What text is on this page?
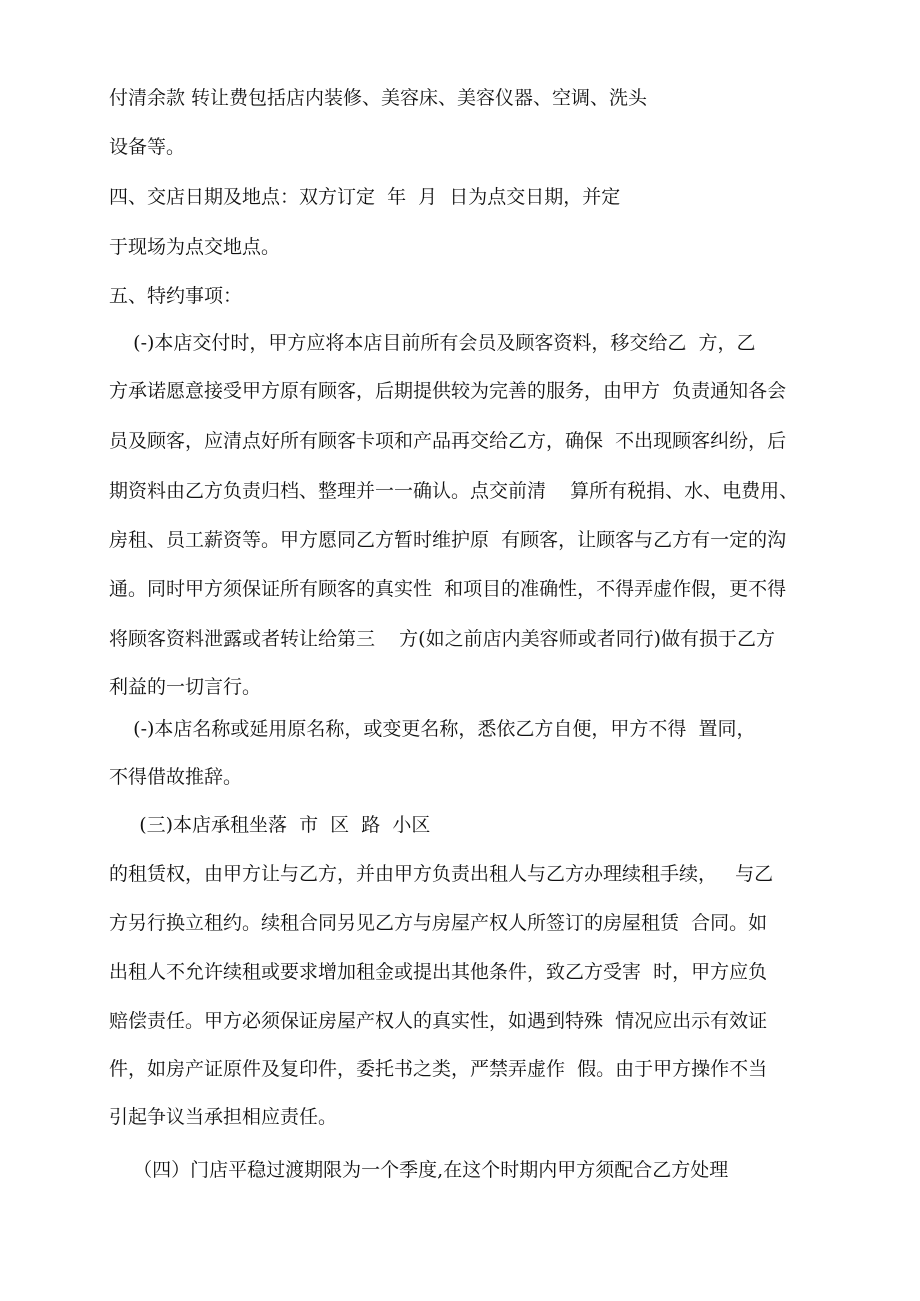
付清余款 转让费包括店内装修、美容床、美容仪器、空调、洗头
设备等。
四、交店日期及地点：双方订定  年  月  日为点交日期，并定
于现场为点交地点。
五、特约事项：
(-)本店交付时，甲方应将本店目前所有会员及顾客资料，移交给乙  方，乙
方承诺愿意接受甲方原有顾客，后期提供较为完善的服务，由甲方  负责通知各会
员及顾客，应清点好所有顾客卡项和产品再交给乙方，确保  不出现顾客纠纷，后
期资料由乙方负责归档、整理并一一确认。点交前清    算所有税捐、水、电费用、
房租、员工薪资等。甲方愿同乙方暂时维护原  有顾客，让顾客与乙方有一定的沟
通。同时甲方须保证所有顾客的真实性  和项目的准确性，不得弄虚作假，更不得
将顾客资料泄露或者转让给第三    方(如之前店内美容师或者同行)做有损于乙方
利益的一切言行。
(-)本店名称或延用原名称，或变更名称，悉依乙方自便，甲方不得  置同，
不得借故推辞。
(三)本店承租坐落  市  区  路  小区
的租赁权，由甲方让与乙方，并由甲方负责出租人与乙方办理续租手续，   与乙
方另行换立租约。续租合同另见乙方与房屋产权人所签订的房屋租赁  合同。如
出租人不允许续租或要求增加租金或提出其他条件，致乙方受害  时，甲方应负
赔偿责任。甲方必须保证房屋产权人的真实性，如遇到特殊  情况应出示有效证
件，如房产证原件及复印件，委托书之类，严禁弄虚作  假。由于甲方操作不当
引起争议当承担相应责任。
（四）门店平稳过渡期限为一个季度,在这个时期内甲方须配合乙方处理
